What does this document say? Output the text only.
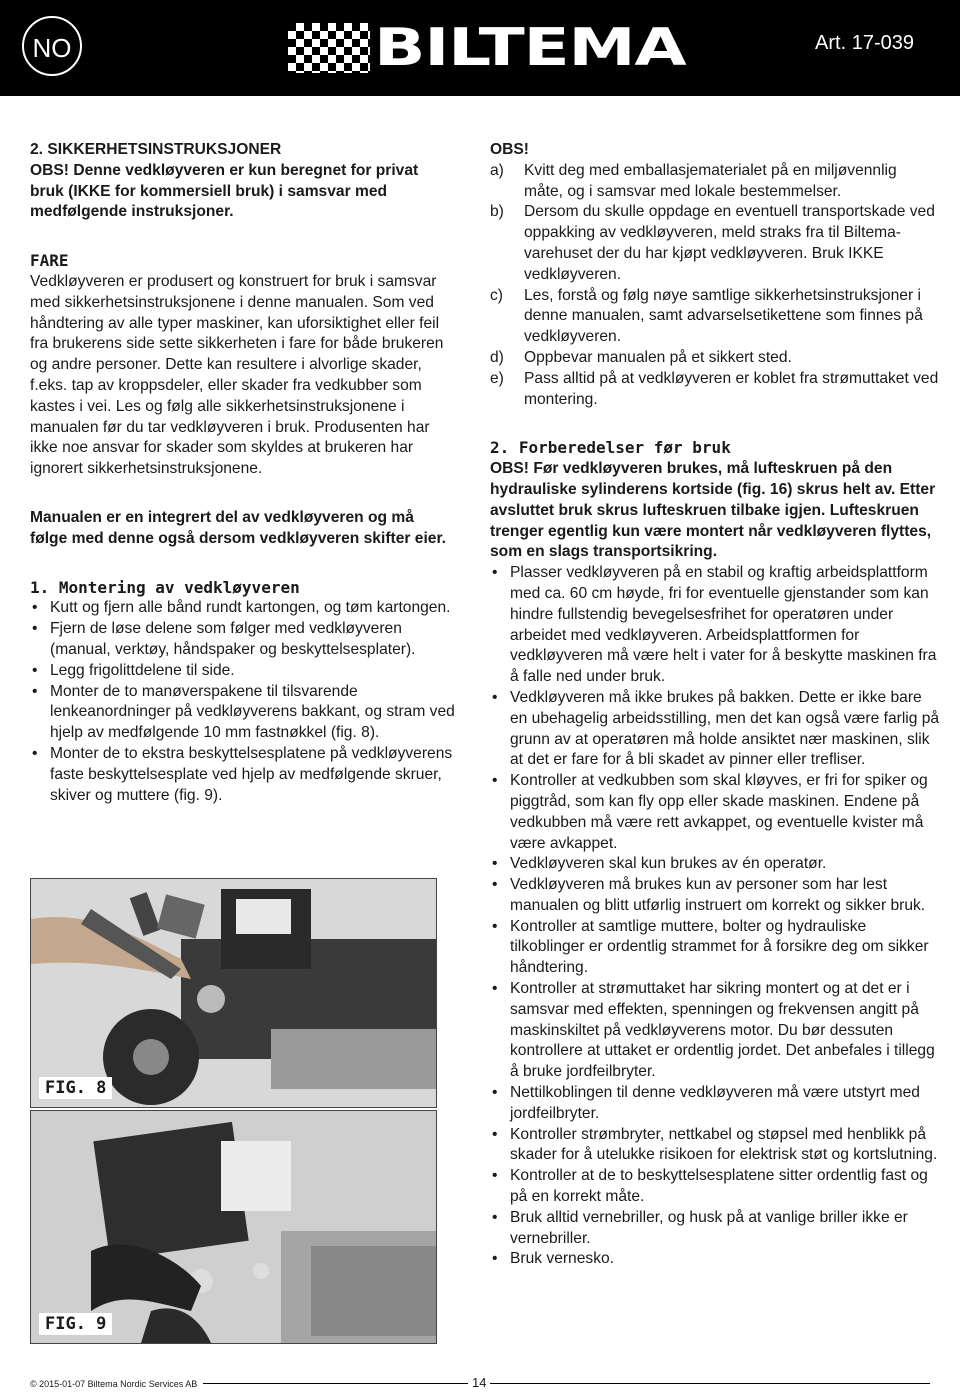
NO	BILTEMA	Art. 17-039

2. SIKKERHETSINSTRUKSJONER

OBS! Denne vedkløyveren er kun beregnet for privat bruk (IKKE for kommersiell bruk) i samsvar med medfølgende instruksjoner.

FARE

Vedkløyveren er produsert og konstruert for bruk i samsvar med sikkerhetsinstruksjonene i denne manualen. Som ved håndtering av alle typer maskiner, kan uforsiktighet eller feil fra brukerens side sette sikkerheten i fare for både brukeren og andre personer. Dette kan resultere i alvorlige skader, f.eks. tap av kroppsdeler, eller skader fra vedkubber som kastes i vei. Les og følg alle sikkerhetsinstruksjonene i manualen før du tar vedkløyveren i bruk. Produsenten har ikke noe ansvar for skader som skyldes at brukeren har ignorert sikkerhetsinstruksjonene.

Manualen er en integrert del av vedkløyveren og må følge med denne også dersom vedkløyveren skifter eier.

1. Montering av vedkløyveren

• Kutt og fjern alle bånd rundt kartongen, og tøm kartongen.
• Fjern de løse delene som følger med vedkløyveren (manual, verktøy, håndspaker og beskyttelsesplater).
• Legg frigolittdelene til side.
• Monter de to manøverspakene til tilsvarende lenkeanordninger på vedkløyverens bakkant, og stram ved hjelp av medfølgende 10 mm fastnøkkel (fig. 8).
• Monter de to ekstra beskyttelsesplatene på vedkløyverens faste beskyttelsesplate ved hjelp av medfølgende skruer, skiver og muttere (fig. 9).
FIG. 8
FIG. 9

OBS!

a) Kvitt deg med emballasjematerialet på en miljøvennlig måte, og i samsvar med lokale bestemmelser.
b) Dersom du skulle oppdage en eventuell transportskade ved oppakking av vedkløyveren, meld straks fra til Biltema-varehuset der du har kjøpt vedkløyveren. Bruk IKKE vedkløyveren.
c) Les, forstå og følg nøye samtlige sikkerhetsinstruksjoner i denne manualen, samt advarselsetikettene som finnes på vedkløyveren.
d) Oppbevar manualen på et sikkert sted.
e) Pass alltid på at vedkløyveren er koblet fra strømuttaket ved montering.

2. Forberedelser før bruk

OBS! Før vedkløyveren brukes, må lufteskruen på den hydrauliske sylinderens kortside (fig. 16) skrus helt av. Etter avsluttet bruk skrus lufteskruen tilbake igjen. Lufteskruen trenger egentlig kun være montert når vedkløyveren flyttes, som en slags transportsikring.

• Plasser vedkløyveren på en stabil og kraftig arbeidsplattform med ca. 60 cm høyde, fri for eventuelle gjenstander som kan hindre fullstendig bevegelsesfrihet for operatøren under arbeidet med vedkløyveren. Arbeidsplattformen for vedkløyveren må være helt i vater for å beskytte maskinen fra å falle ned under bruk.
• Vedkløyveren må ikke brukes på bakken. Dette er ikke bare en ubehagelig arbeidsstilling, men det kan også være farlig på grunn av at operatøren må holde ansiktet nær maskinen, slik at det er fare for å bli skadet av pinner eller trefliser.
• Kontroller at vedkubben som skal kløyves, er fri for spiker og piggtråd, som kan fly opp eller skade maskinen. Endene på vedkubben må være rett avkappet, og eventuelle kvister må være avkappet.
• Vedkløyveren skal kun brukes av én operatør.
• Vedkløyveren må brukes kun av personer som har lest manualen og blitt utførlig instruert om korrekt og sikker bruk.
• Kontroller at samtlige muttere, bolter og hydrauliske tilkoblinger er ordentlig strammet for å forsikre deg om sikker håndtering.
• Kontroller at strømuttaket har sikring montert og at det er i samsvar med effekten, spenningen og frekvensen angitt på maskinskiltet på vedkløyverens motor. Du bør dessuten kontrollere at uttaket er ordentlig jordet. Det anbefales i tillegg å bruke jordfeilbryter.
• Nettilkoblingen til denne vedkløyveren må være utstyrt med jordfeilbryter.
• Kontroller strømbryter, nettkabel og støpsel med henblikk på skader for å utelukke risikoen for elektrisk støt og kortslutning.
• Kontroller at de to beskyttelsesplatene sitter ordentlig fast og på en korrekt måte.
• Bruk alltid vernebriller, og husk på at vanlige briller ikke er vernebriller.
• Bruk vernesko.
© 2015-01-07 Biltema Nordic Services AB	14
